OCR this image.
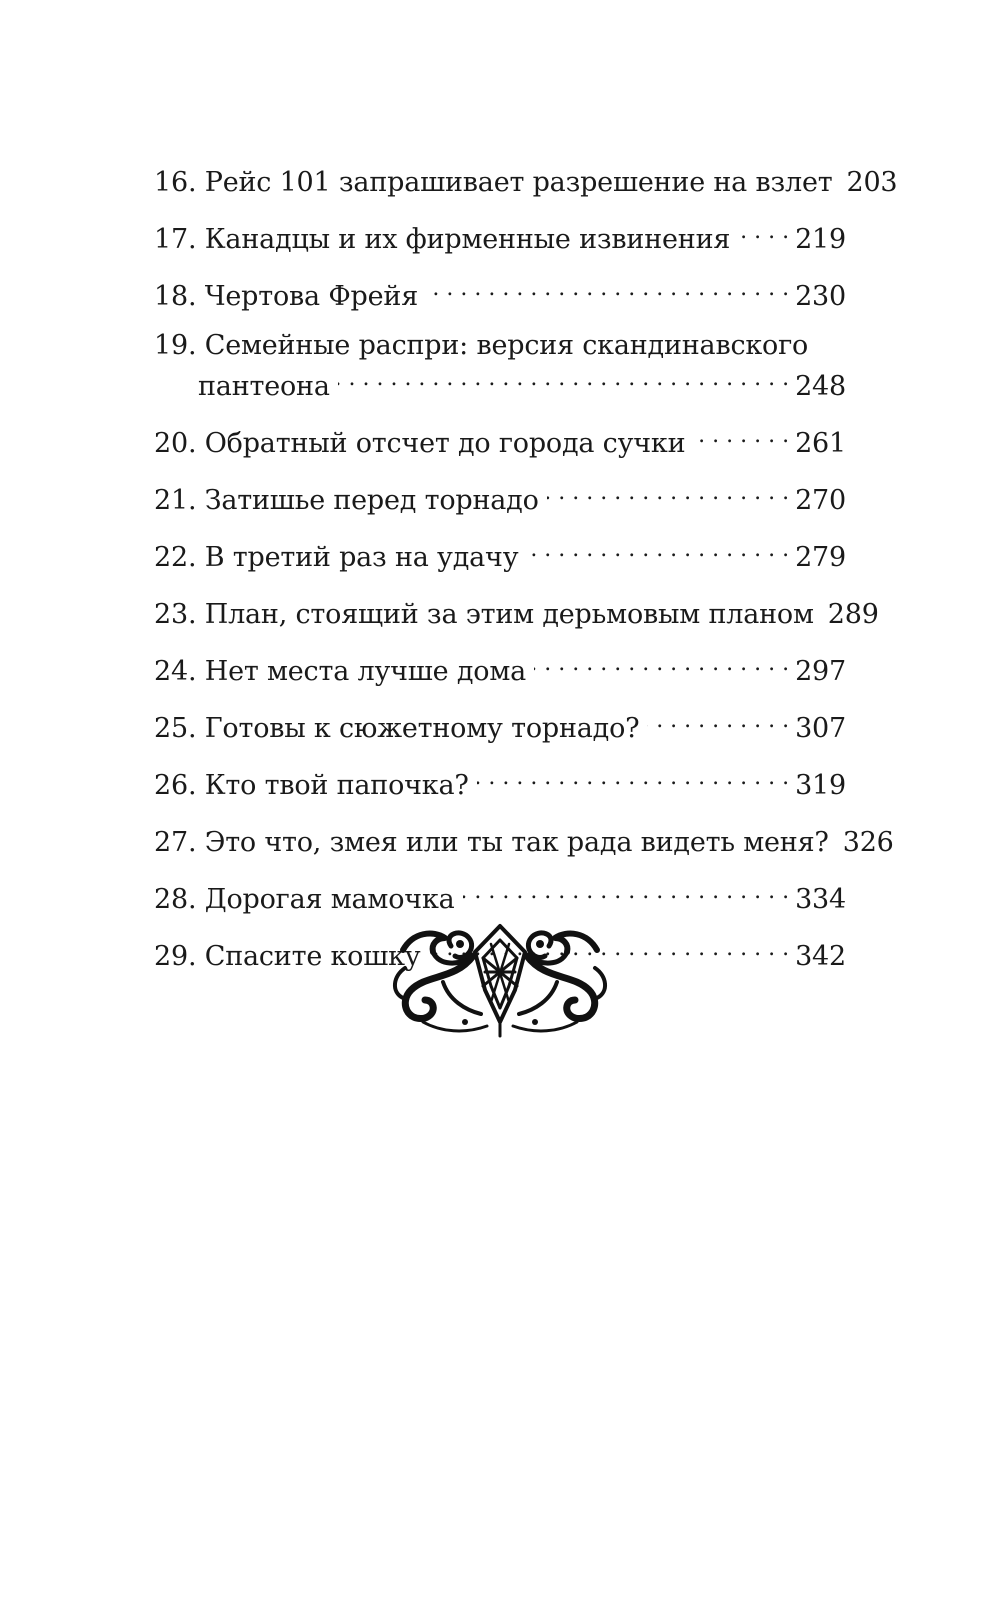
16. Рейс 101 запрашивает разрешение на взлет 203
17. Канадцы и их фирменные извинения . . . 219
18. Чертова Фрейя . . .	230
19. Семейные распри: версия скандинавского
пантеона . . .	248
20. Обратный отсчет до города сучки . . .	261
21. Затишье перед торнадо . . .	270
22. В третий раз на удачу . . .	279
23. План, стоящий за этим дерьмовым планом 289
24. Нет места лучше дома . . .	297
25. Готовы к сюжетному торнадо? . . .	307
26. Кто твой папочка? . . .	319
27. Это что, змея или ты так рада видеть меня? 326
28. Дорогая мамочка . . .	334
29. Спасите кошку . . .	342
